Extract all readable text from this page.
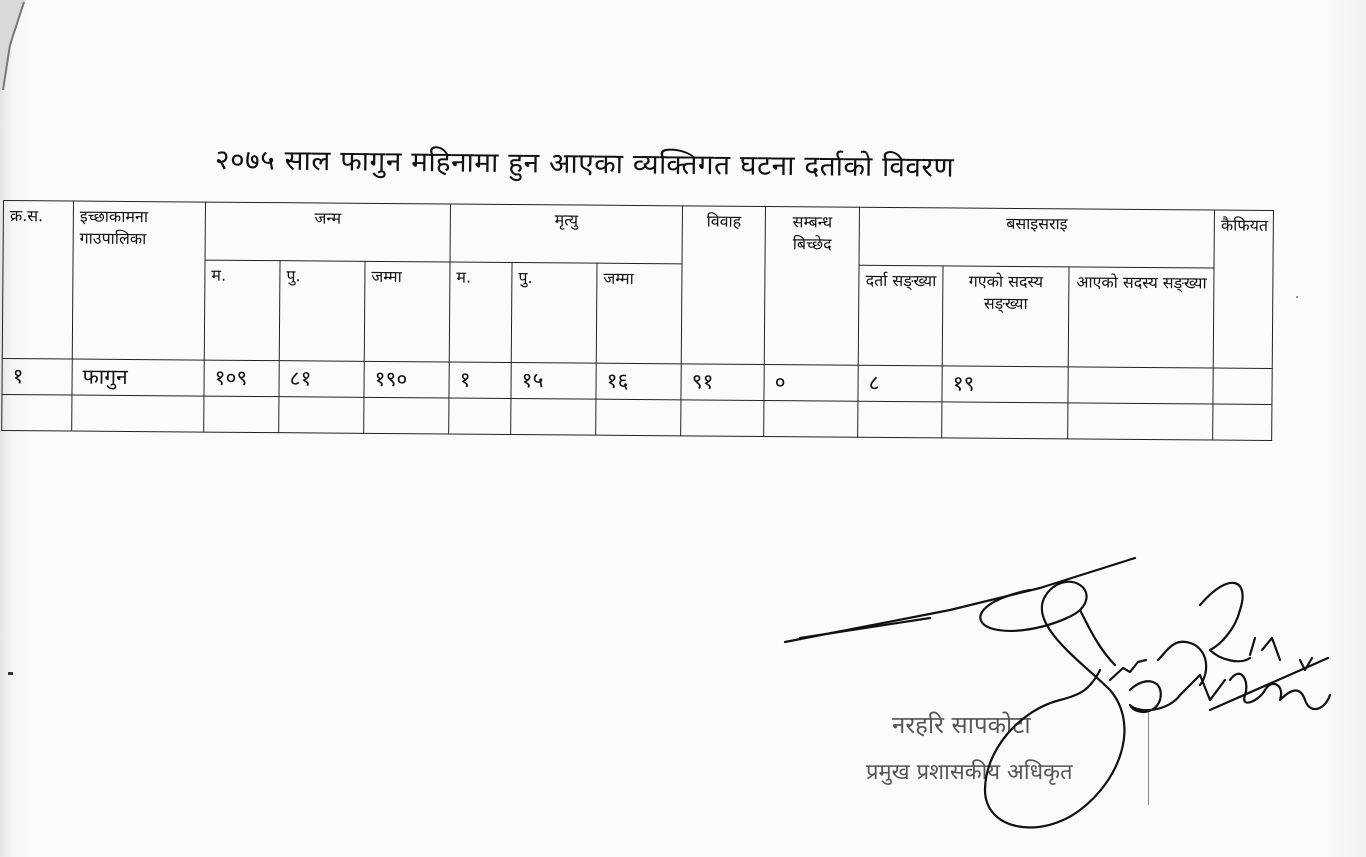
२०७५ साल फागुन महिनामा हुन आएका व्यक्तिगत घटना दर्ताको विवरण
क्र.स.	इच्छाकामना गाउपालिका	जन्म			मृत्यु			विवाह	सम्बन्ध बिच्छेद	बसाइसराइ			कैफियत
		म.	पु.	जम्मा	म.	पु.	जम्मा			दर्ता सङ्ख्या	गएको सदस्य सङ्ख्या	आएको सदस्य सङ्ख्या	
१	फागुन	१०९	८१	१९०	१	१५	१६	९१	०	८	१९		

नरहरि सापकोटा
प्रमुख प्रशासकीय अधिकृत
